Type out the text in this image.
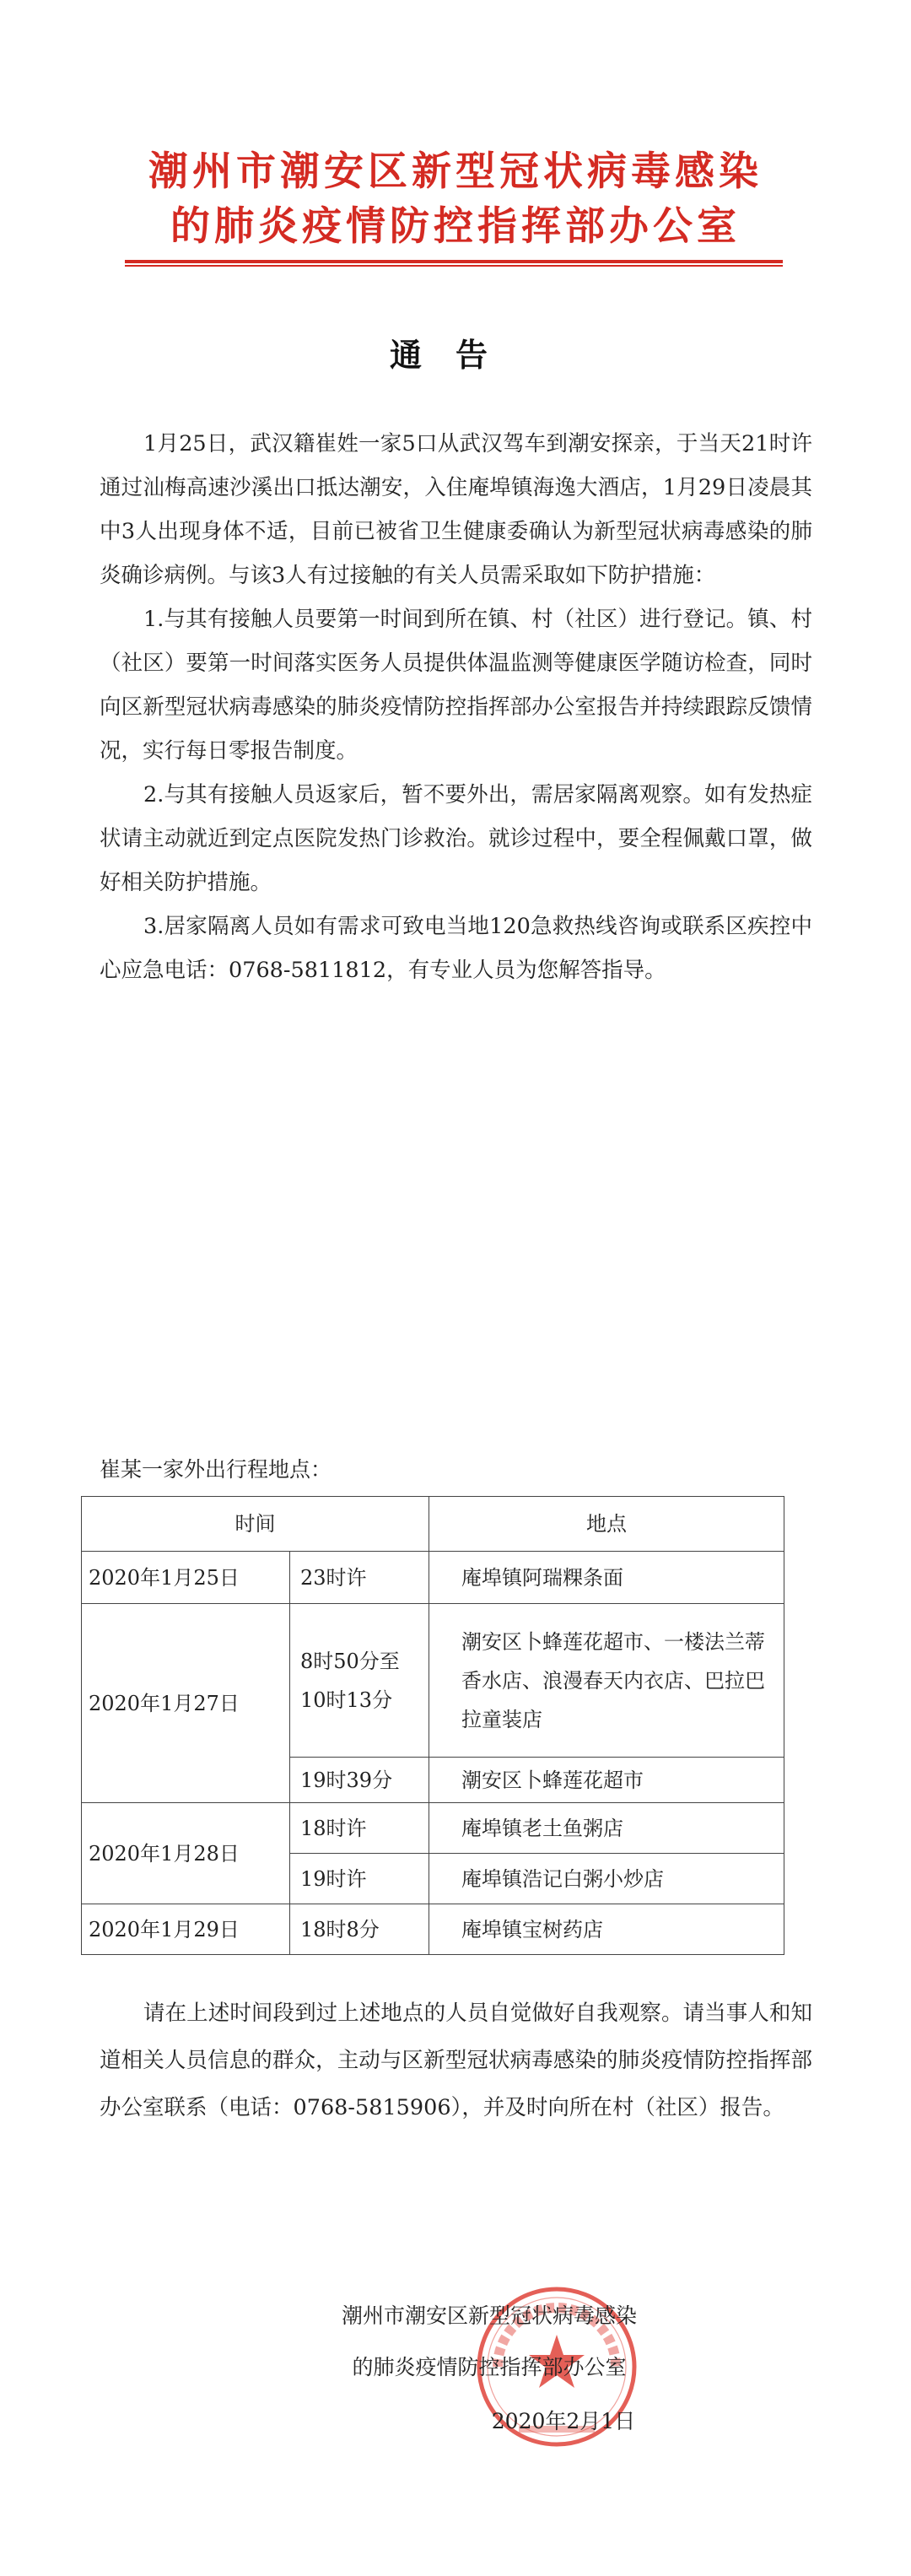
潮州市潮安区新型冠状病毒感染
的肺炎疫情防控指挥部办公室
通告

1月25日，武汉籍崔姓一家5口从武汉驾车到潮安探亲，于当天21时许通过汕梅高速沙溪出口抵达潮安，入住庵埠镇海逸大酒店，1月29日凌晨其中3人出现身体不适，目前已被省卫生健康委确认为新型冠状病毒感染的肺炎确诊病例。与该3人有过接触的有关人员需采取如下防护措施：

1.与其有接触人员要第一时间到所在镇、村（社区）进行登记。镇、村（社区）要第一时间落实医务人员提供体温监测等健康医学随访检查，同时向区新型冠状病毒感染的肺炎疫情防控指挥部办公室报告并持续跟踪反馈情况，实行每日零报告制度。

2.与其有接触人员返家后，暂不要外出，需居家隔离观察。如有发热症状请主动就近到定点医院发热门诊救治。就诊过程中，要全程佩戴口罩，做好相关防护措施。

3.居家隔离人员如有需求可致电当地120急救热线咨询或联系区疾控中心应急电话：0768-5811812，有专业人员为您解答指导。

崔某一家外出行程地点：
时间		地点
2020年1月25日	23时许	庵埠镇阿瑞粿条面
2020年1月27日	8时50分至10时13分	潮安区卜蜂莲花超市、一楼法兰蒂香水店、浪漫春天内衣店、巴拉巴拉童装店
	19时39分	潮安区卜蜂莲花超市
2020年1月28日	18时许	庵埠镇老土鱼粥店
	19时许	庵埠镇浩记白粥小炒店
2020年1月29日	18时8分	庵埠镇宝树药店

请在上述时间段到过上述地点的人员自觉做好自我观察。请当事人和知道相关人员信息的群众，主动与区新型冠状病毒感染的肺炎疫情防控指挥部办公室联系（电话：0768-5815906），并及时向所在村（社区）报告。

潮州市潮安区新型冠状病毒感染
的肺炎疫情防控指挥部办公室
2020年2月1日
